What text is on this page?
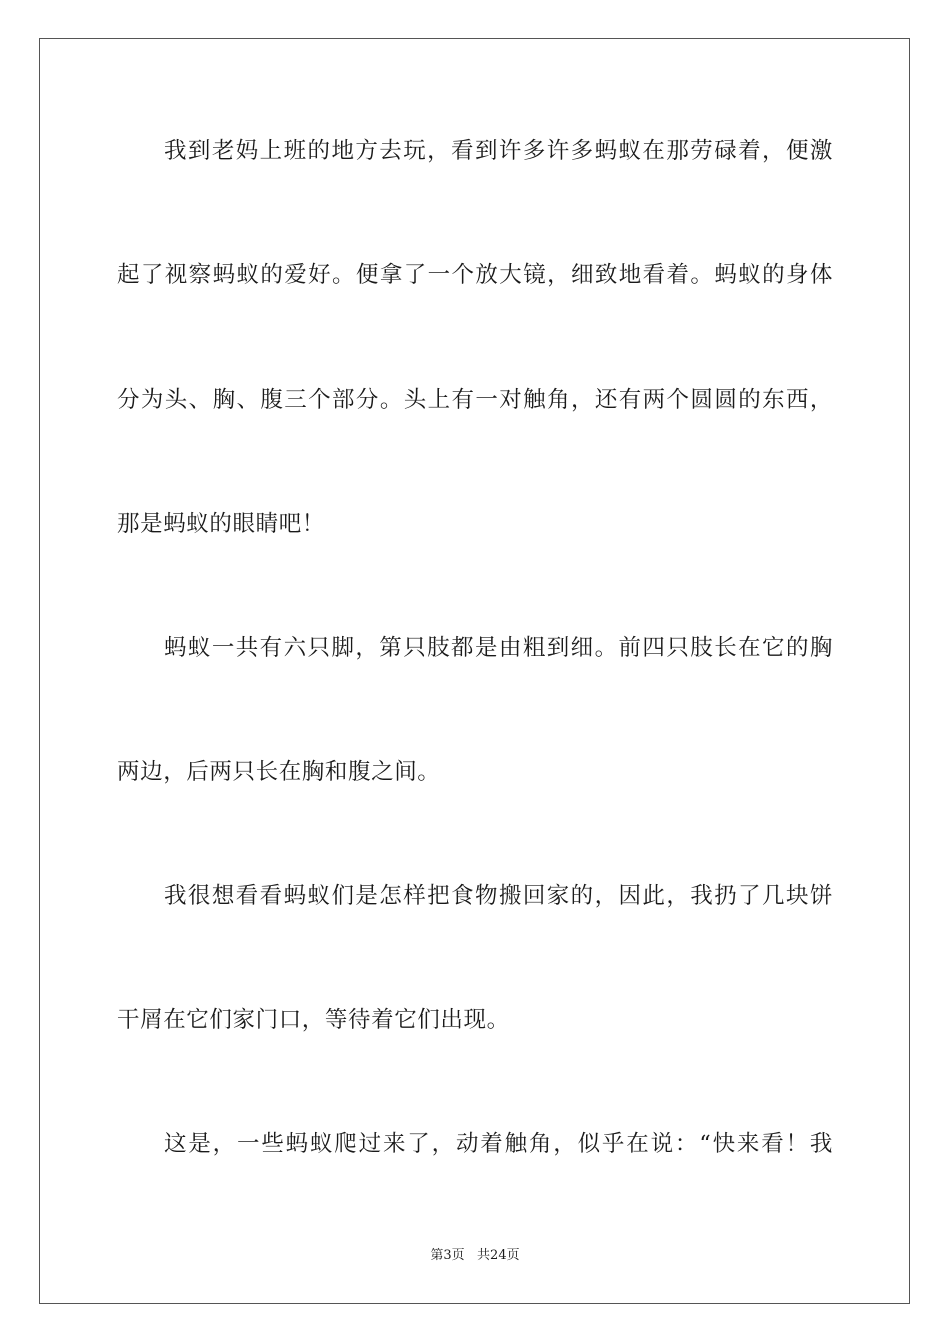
我到老妈上班的地方去玩，看到许多许多蚂蚁在那劳碌着，便激
起了视察蚂蚁的爱好。便拿了一个放大镜，细致地看着。蚂蚁的身体
分为头、胸、腹三个部分。头上有一对触角，还有两个圆圆的东西，
那是蚂蚁的眼睛吧！
蚂蚁一共有六只脚，第只肢都是由粗到细。前四只肢长在它的胸
两边，后两只长在胸和腹之间。
我很想看看蚂蚁们是怎样把食物搬回家的，因此，我扔了几块饼
干屑在它们家门口，等待着它们出现。
这是，一些蚂蚁爬过来了，动着触角，似乎在说：“快来看！我
第3页   共24页
